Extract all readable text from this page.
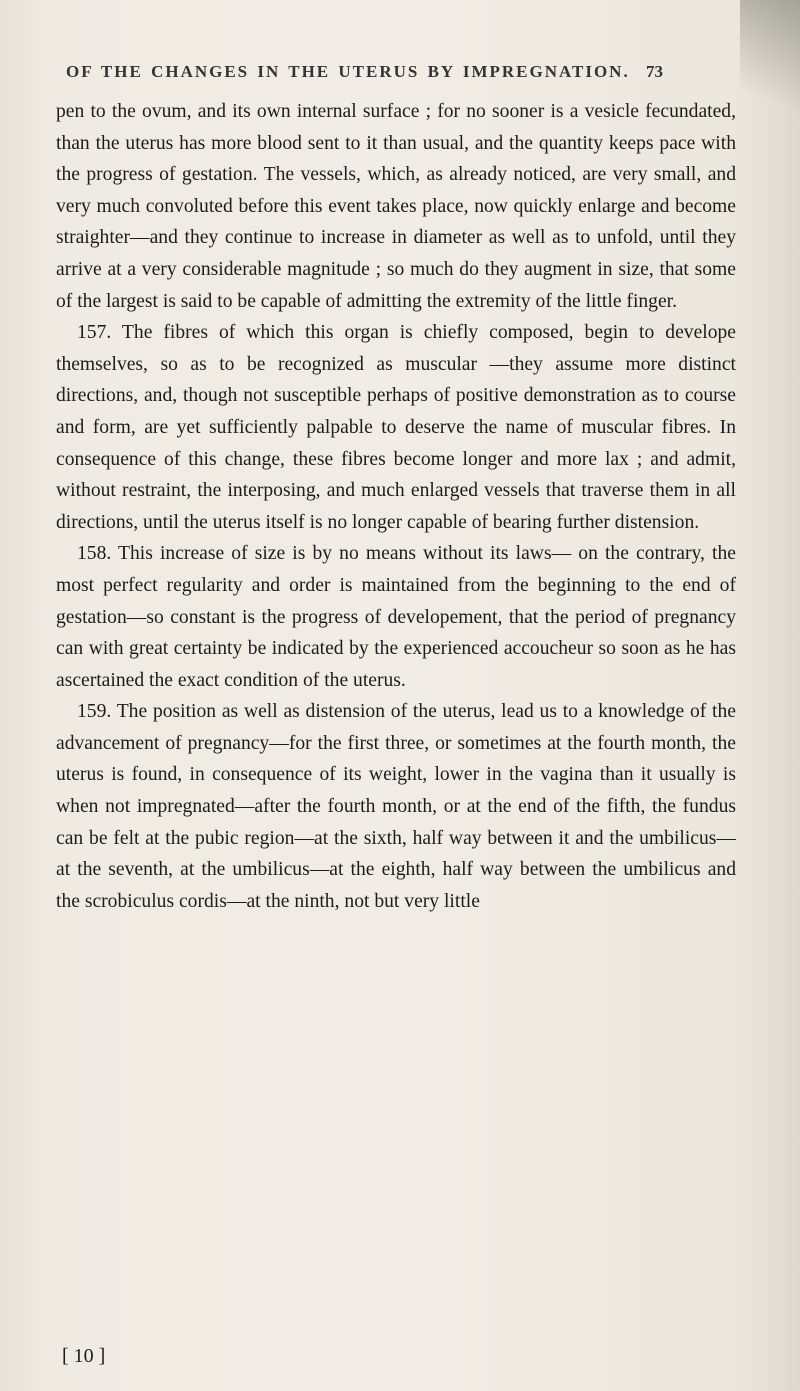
OF THE CHANGES IN THE UTERUS BY IMPREGNATION. 73

pen to the ovum, and its own internal surface ; for no sooner is a vesicle fecundated, than the uterus has more blood sent to it than usual, and the quantity keeps pace with the progress of gestation. The vessels, which, as already noticed, are very small, and very much convoluted before this event takes place, now quickly enlarge and become straighter—and they continue to increase in diameter as well as to unfold, until they arrive at a very considerable magnitude ; so much do they augment in size, that some of the largest is said to be capable of admitting the extremity of the little finger.

157. The fibres of which this organ is chiefly composed, begin to develope themselves, so as to be recognized as muscular —they assume more distinct directions, and, though not susceptible perhaps of positive demonstration as to course and form, are yet sufficiently palpable to deserve the name of muscular fibres. In consequence of this change, these fibres become longer and more lax ; and admit, without restraint, the interposing, and much enlarged vessels that traverse them in all directions, until the uterus itself is no longer capable of bearing further distension.

158. This increase of size is by no means without its laws— on the contrary, the most perfect regularity and order is maintained from the beginning to the end of gestation—so constant is the progress of developement, that the period of pregnancy can with great certainty be indicated by the experienced accoucheur so soon as he has ascertained the exact condition of the uterus.

159. The position as well as distension of the uterus, lead us to a knowledge of the advancement of pregnancy—for the first three, or sometimes at the fourth month, the uterus is found, in consequence of its weight, lower in the vagina than it usually is when not impregnated—after the fourth month, or at the end of the fifth, the fundus can be felt at the pubic region—at the sixth, half way between it and the umbilicus—at the seventh, at the umbilicus—at the eighth, half way between the umbilicus and the scrobiculus cordis—at the ninth, not but very little

[ 10 ]
